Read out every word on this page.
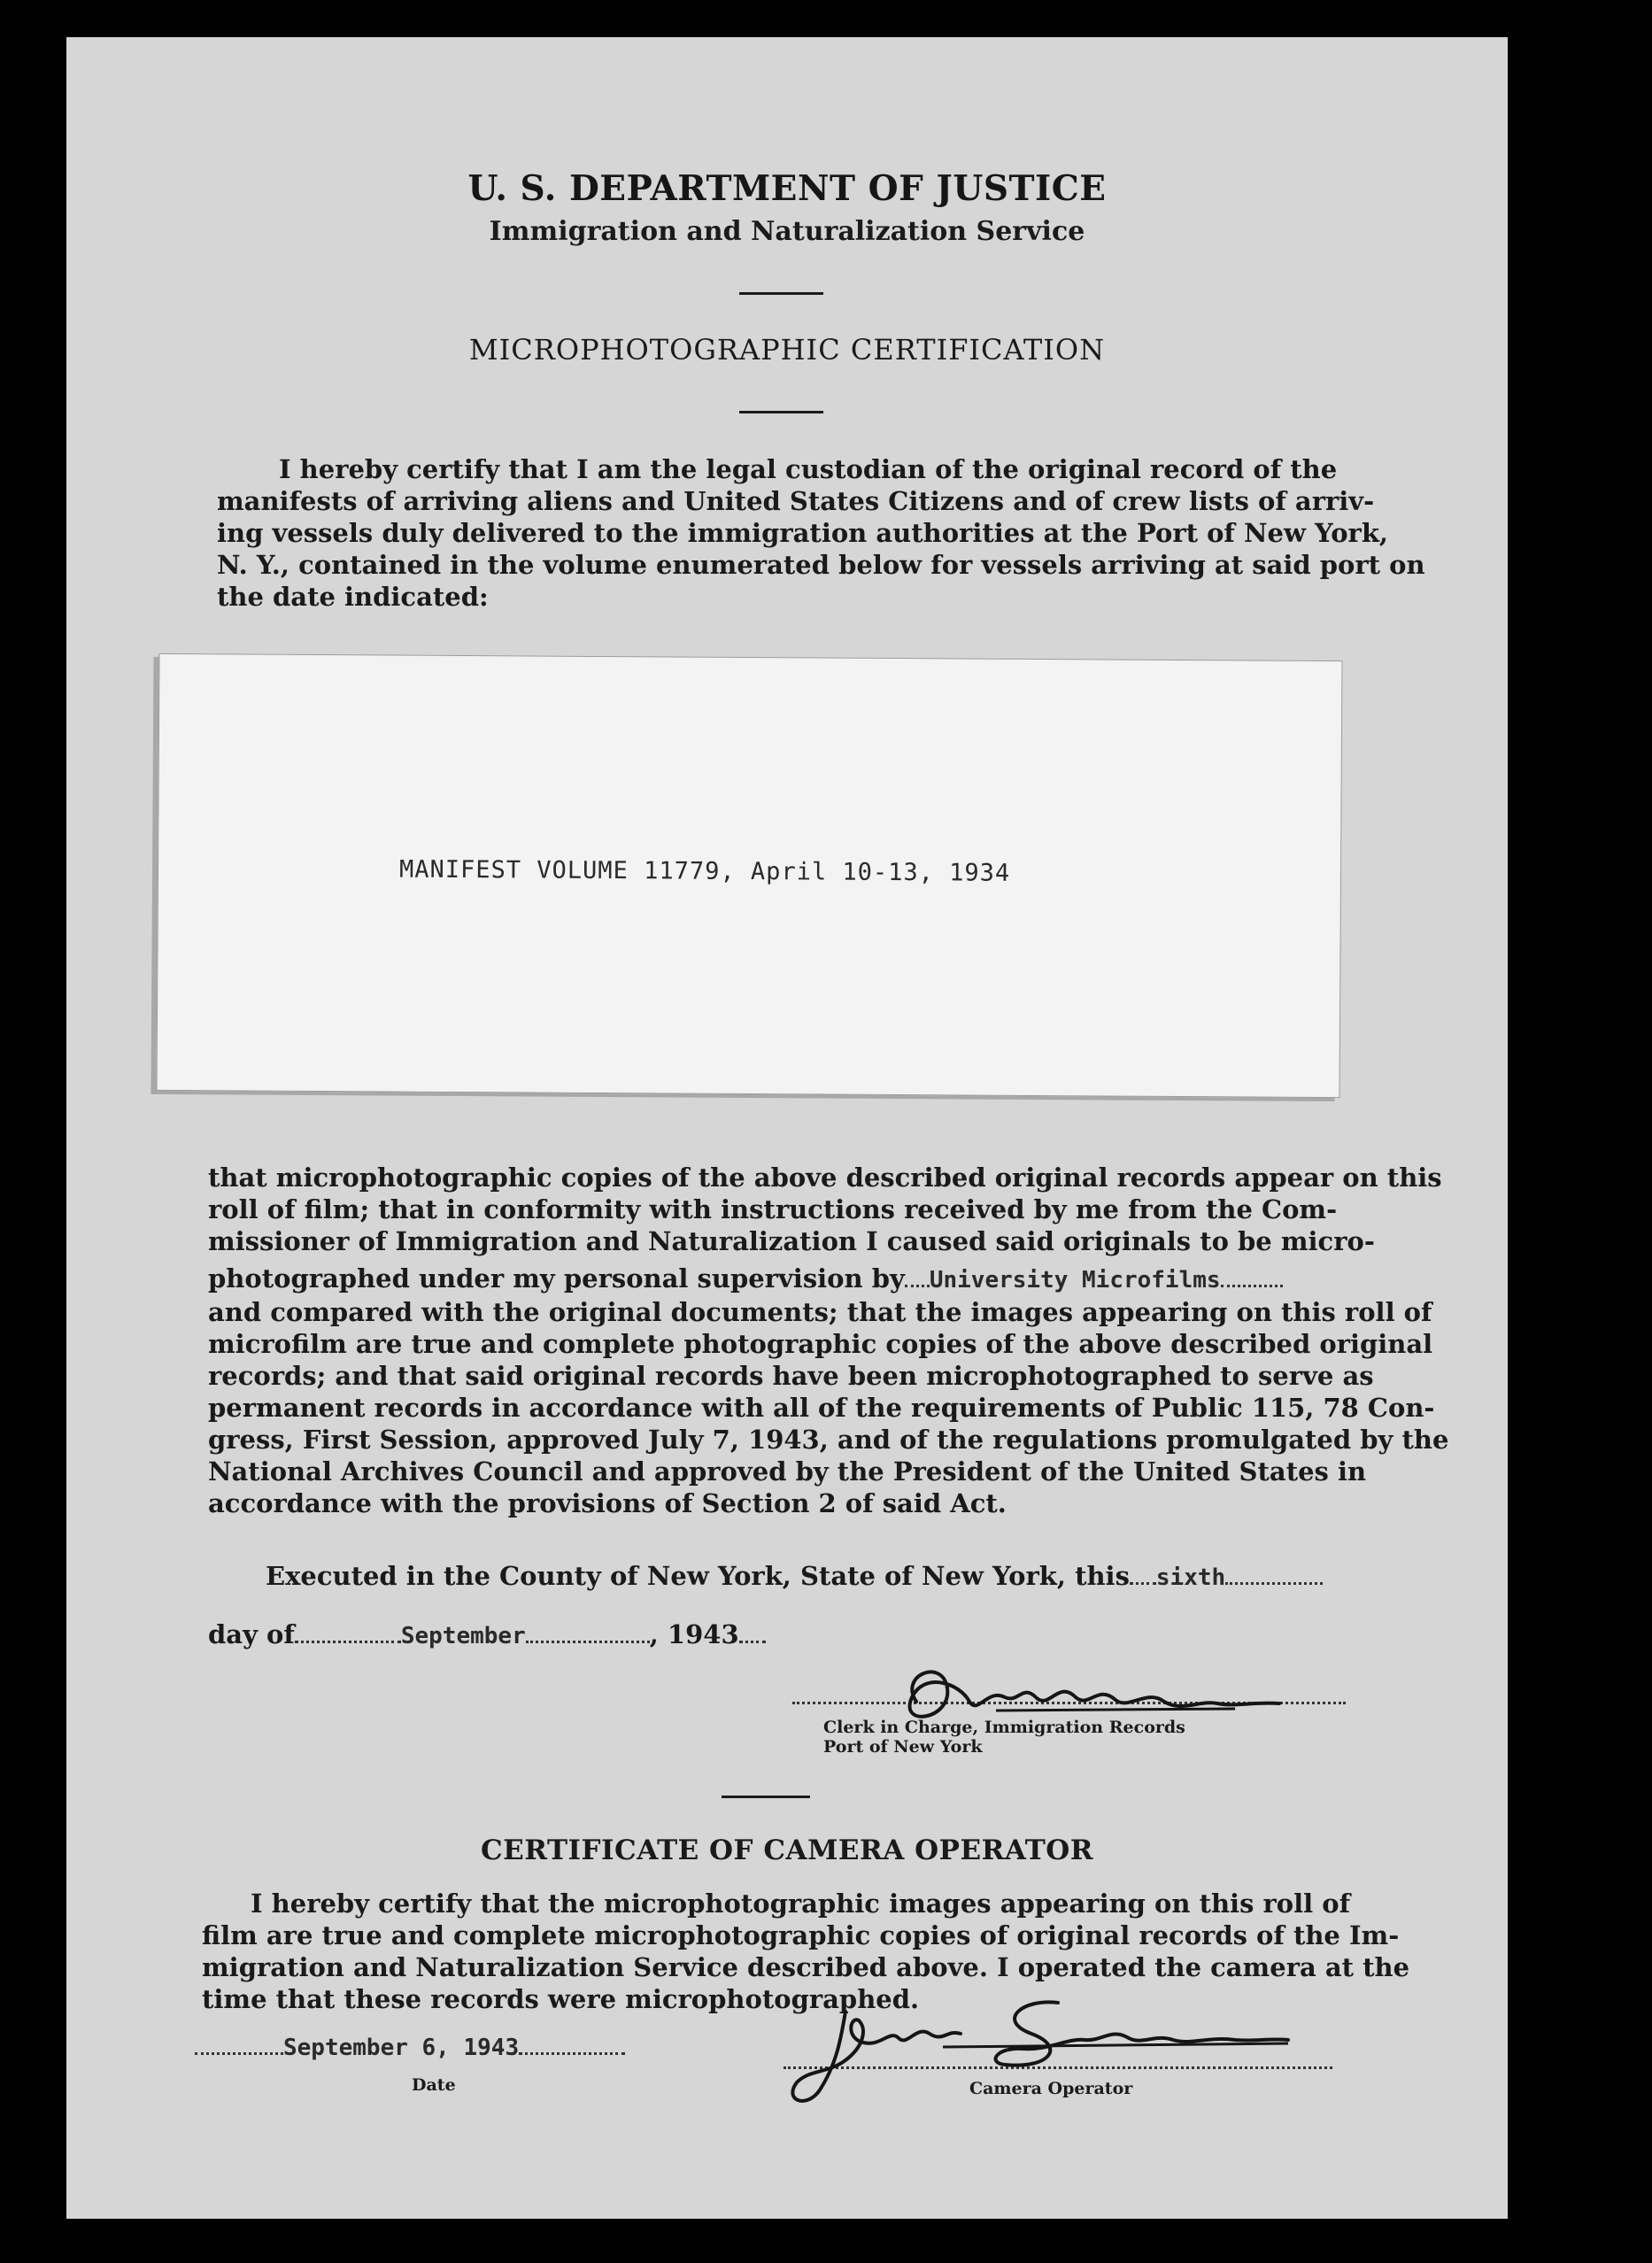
U. S. DEPARTMENT OF JUSTICE
Immigration and Naturalization Service
MICROPHOTOGRAPHIC CERTIFICATION
I hereby certify that I am the legal custodian of the original record of the
manifests of arriving aliens and United States Citizens and of crew lists of arriv-
ing vessels duly delivered to the immigration authorities at the Port of New York,
N. Y., contained in the volume enumerated below for vessels arriving at said port on
the date indicated:
MANIFEST VOLUME 11779, April 10-13, 1934
that microphotographic copies of the above described original records appear on this
roll of film; that in conformity with instructions received by me from the Com-
missioner of Immigration and Naturalization I caused said originals to be micro-
photographed under my personal supervision by University Microfilms
and compared with the original documents; that the images appearing on this roll of
microfilm are true and complete photographic copies of the above described original
records; and that said original records have been microphotographed to serve as
permanent records in accordance with all of the requirements of Public 115, 78 Con-
gress, First Session, approved July 7, 1943, and of the regulations promulgated by the
National Archives Council and approved by the President of the United States in
accordance with the provisions of Section 2 of said Act.
Executed in the County of New York, State of New York, this sixth
day of	September	, 1943
Clerk in Charge, Immigration Records
Port of New York
CERTIFICATE OF CAMERA OPERATOR
I hereby certify that the microphotographic images appearing on this roll of
film are true and complete microphotographic copies of original records of the Im-
migration and Naturalization Service described above. I operated the camera at the
time that these records were microphotographed.
September 6, 1943
Date	Camera Operator
